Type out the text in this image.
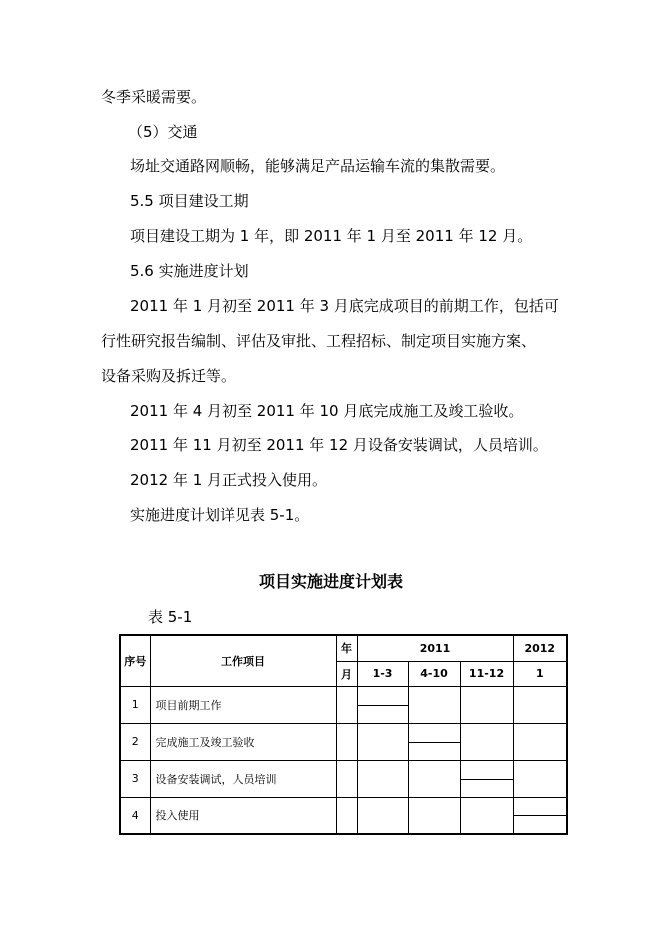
冬季采暖需要。
（5）交通
场址交通路网顺畅，能够满足产品运输车流的集散需要。
5.5 项目建设工期
项目建设工期为 1 年，即 2011 年 1 月至 2011 年 12 月。
5.6 实施进度计划
2011 年 1 月初至 2011 年 3 月底完成项目的前期工作，包括可
行性研究报告编制、评估及审批、工程招标、制定项目实施方案、
设备采购及拆迁等。
2011 年 4 月初至 2011 年 10 月底完成施工及竣工验收。
2011 年 11 月初至 2011 年 12 月设备安装调试，人员培训。
2012 年 1 月正式投入使用。
实施进度计划详见表 5-1。
项目实施进度计划表
表 5-1
序号	工作项目	年	2011			2012
		月	1-3	4-10	11-12	1
1	项目前期工作		

2	完成施工及竣工验收			

3	设备安装调试，人员培训				

4	投入使用					
